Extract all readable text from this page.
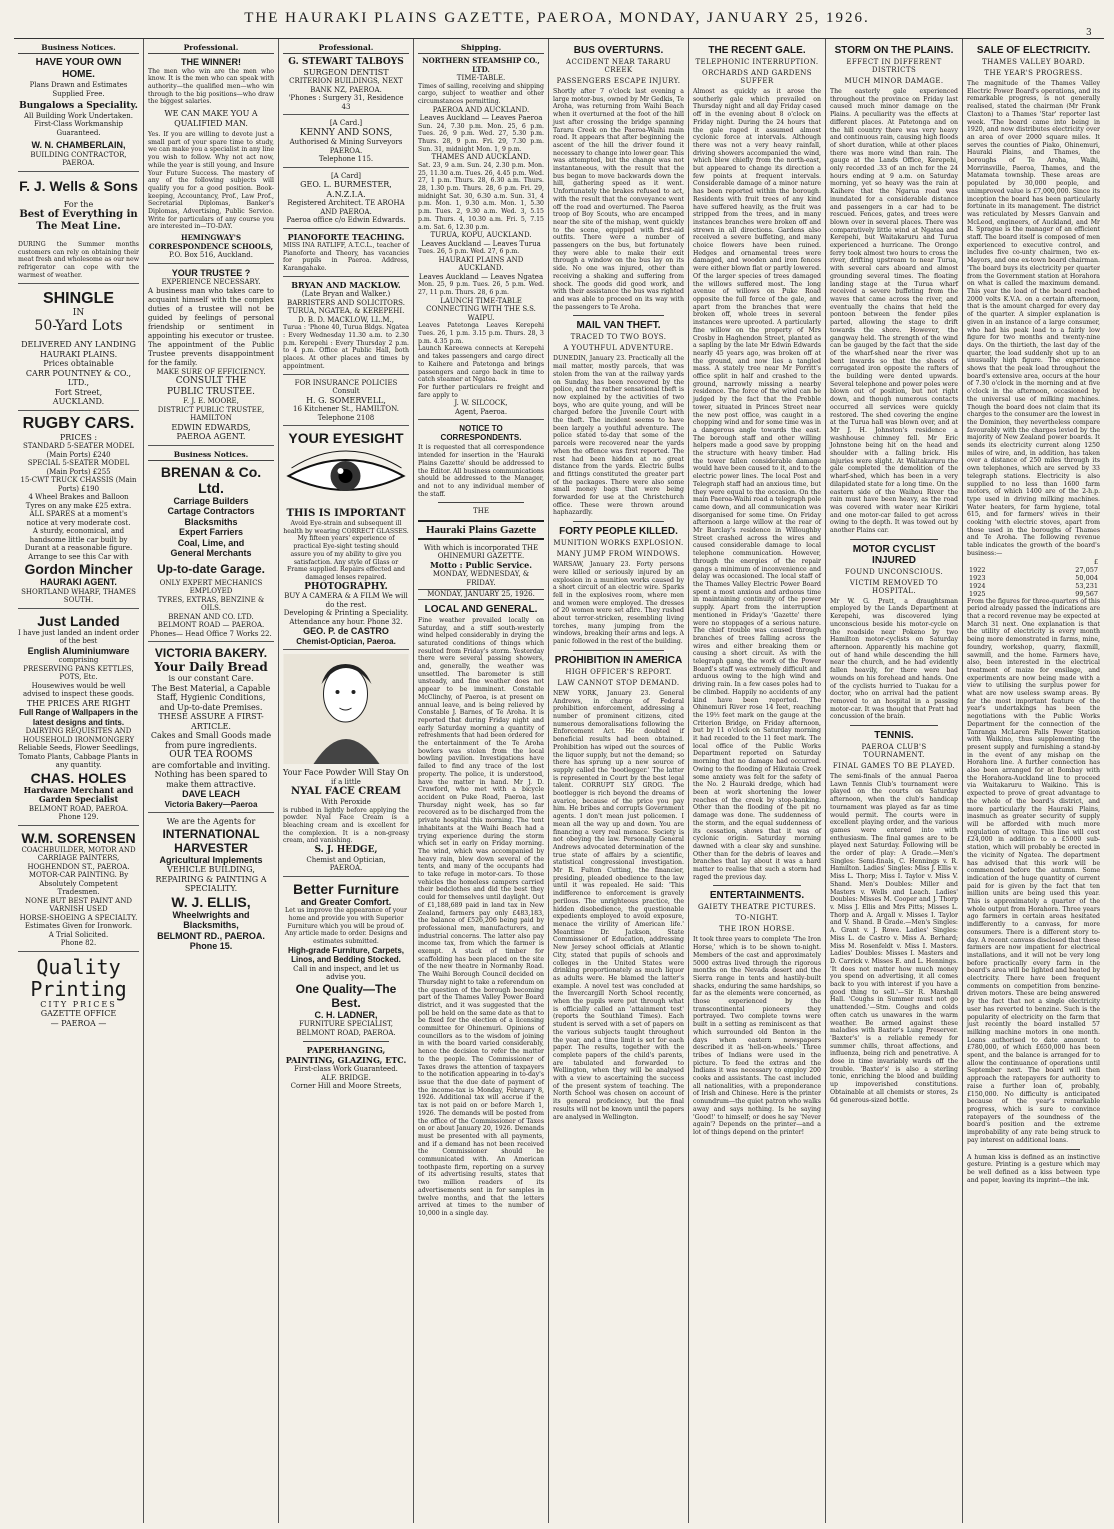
THE HAURAKI PLAINS GAZETTE, PAEROA, MONDAY, JANUARY 25, 1926.
3
Business Notices.
HAVE YOUR OWN HOME.
Plans Drawn and Estimates Supplied Free.
Bungalows a Speciality.
All Building Work Undertaken.
First-Class Workmanship Guaranteed.
W. N. CHAMBERLAIN,
BUILDING CONTRACTOR, PAEROA.
F. J. Wells & Sons
For the
Best of Everything in The Meat Line.
DURING the Summer months customers can rely on obtaining their meat fresh and wholesome as our new refrigerator can cope with the warmest of weather.
SHINGLE
IN
50-Yard Lots
DELIVERED ANY LANDING HAURAKI PLAINS.
Prices obtainable
CARR POUNTNEY & CO., LTD.,
Fort Street,
AUCKLAND.
RUGBY CARS.
PRICES :
STANDARD 5-SEATER MODEL (Main Ports) £240
SPECIAL 5-SEATER MODEL (Main Ports) £255
15-CWT TRUCK CHASSIS (Main Ports) £190
4 Wheel Brakes and Balloon Tyres on any make £25 extra.
ALL SPARES at a moment's notice at very moderate cost.
A sturdy, economical, and handsome little car built by Durant at a reasonable figure.
Arrange to see this Car with
Gordon Mincher
HAURAKI AGENT.
SHORTLAND WHARF, THAMES SOUTH.
Just Landed
I have just landed an indent order of the best
English Aluminiumware
comprising
PRESERVING PANS KETTLES, POTS, Etc.
Housewives would be well advised to inspect these goods.
THE PRICES ARE RIGHT
Full Range of Wallpapers in the latest designs and tints.
DAIRYING REQUISITES AND HOUSEHOLD IRONMONGERY
Reliable Seeds, Flower Seedlings, Tomato Plants, Cabbage Plants in any quantity.
CHAS. HOLES
Hardware Merchant and Garden Specialist
BELMONT ROAD, PAEROA. Phone 129.
W.M. SORENSEN
COACHBUILDER, MOTOR AND CARRIAGE PAINTERS, HOGHENDON ST., PAEROA.
MOTOR-CAR PAINTING. By Absolutely Competent Tradesmen.
NONE BUT BEST PAINT AND VARNISH USED
HORSE-SHOEING A SPECIALTY.
Estimates Given for Ironwork.
A Trial Solicited.
Phone 82.
Quality
Printing
CITY PRICES
GAZETTE OFFICE
— PAEROA —
Professional.
THE WINNER!
The men who win are the men who know. It is the men who can speak with authority—the qualified men—who win through to the big positions—who draw the biggest salaries.
WE CAN MAKE YOU A QUALIFIED MAN.
Yes. If you are willing to devote just a small part of your spare time to study, we can make you a specialist in any line you wish to follow. Why not act now, while the year is still young, and Insure Your Future Success. The mastery of any of the following subjects will qualify you for a good position. Book-keeping, Accountancy, Prof., Law Prof., Secretarial Diplomas, Banker's Diplomas, Advertising, Public Service. Write for particulars of any course you are interested in—TO-DAY.
HEMINGWAY'S CORRESPONDENCE SCHOOLS,
P.O. Box 516, Auckland.
YOUR TRUSTEE ?
EXPERIENCE NECESSARY.
A business man who takes care to acquaint himself with the complex duties of a trustee will not be guided by feelings of personal friendship or sentiment in appointing his executor or trustee. The appointment of the Public Trustee prevents disappointment for the family.
MAKE SURE OF EFFICIENCY.
CONSULT THE
PUBLIC TRUSTEE.
F. J. E. MOORE,
DISTRICT PUBLIC TRUSTEE, HAMILTON
EDWIN EDWARDS,
PAEROA AGENT.
Business Notices.
BRENAN & Co. Ltd.
Carriage Builders
Cartage Contractors
Blacksmiths
Expert Farriers
Coal, Lime, and
General Merchants
Up-to-date Garage.
ONLY EXPERT MECHANICS EMPLOYED
TYRES, EXTRAS, BENZINE & OILS.
BRENAN AND CO. LTD. BELMONT ROAD — PAEROA.
Phones— Head Office 7 Works 22.
VICTORIA BAKERY.
Your Daily Bread
is our constant Care.
The Best Material, a Capable Staff, Hygienic Conditions, and Up-to-date Premises.
THESE ASSURE A FIRST-ARTICLE.
Cakes and Small Goods made from pure ingredients.
OUR TEA ROOMS
are comfortable and inviting. Nothing has been spared to make them attractive.
DAVE LEACH
Victoria Bakery—Paeroa
We are the Agents for
INTERNATIONAL HARVESTER
Agricultural Implements
VEHICLE BUILDING, REPAIRING & PAINTING A SPECIALITY.
W. J. ELLIS,
Wheelwrights and Blacksmiths,
BELMONT RD., PAEROA.
Phone 15.
Professional.
G. STEWART TALBOYS
SURGEON DENTIST
CRITERION BUILDINGS, NEXT BANK NZ, PAEROA.
'Phones : Surgery 31, Residence 43
[A Card.]
KENNY AND SONS,
Authorised & Mining Surveyors PAEROA.
Telephone 115.
[A Card]
GEO. L. BURMESTER, A.N.Z.I.A.
Registered Architect. TE AROHA AND PAEROA.
Paeroa office c/o Edwin Edwards.
PIANOFORTE TEACHING.
MISS INA RATLIFF, A.T.C.L., teacher of Pianoforte and Theory, has vacancies for pupils in Paeroa. Address, Karangahake.
BRYAN AND MACKLOW.
(Late Bryan and Walker.)
BARRISTERS AND SOLICITORS.
TURUA, NGATEA, & KEREPEHI.
D. B. D. MACKLOW, LL.M.,
Turua : 'Phone 40, Turua Bldgs. Ngatea : Every Wednesday 11.30 a.m. to 2.30 p.m. Kerepehi : Every Thursday 2 p.m. to 4 p.m. Office at Public Hall, both places. At other places and times by appointment.
FOR INSURANCE POLICIES Consult
H. G. SOMERVELL,
16 Kitchener St., HAMILTON.
Telephone 2108
YOUR EYESIGHT
THIS IS IMPORTANT
Avoid Eye-strain and subsequent ill health by wearing CORRECT GLASSES. My fifteen years' experience of practical Eye-sight testing should assure you of my ability to give you satisfaction. Any style of Glass or Frame supplied. Repairs effected and damaged lenses repaired.
PHOTOGRAPHY.
BUY A CAMERA & A FILM We will do the rest.
Developing & Printing a Speciality.
Attendance any hour. Phone 32.
GEO. P. de CASTRO
Chemist-Optician, Paeroa.
Your Face Powder Will Stay On
if a little
NYAL FACE CREAM
With Peroxide
is rubbed in lightly before applying the powder. Nyal Face Cream is a bleaching cream and is excellent for the complexion. It is a non-greasy cream, and vanishing.
S. J. HEDGE,
Chemist and Optician,
PAEROA.
Better Furniture
and Greater Comfort.
Let us improve the appearance of your home and provide you with Superior Furniture which you will be proud of. Any article made to order. Designs and estimates submitted.
High-grade Furniture, Carpets, Linos, and Bedding Stocked.
Call in and inspect, and let us advise you.
One Quality—The Best.
C. H. LADNER,
FURNITURE SPECIALIST, BELMONT ROAD, PAEROA.
PAPERHANGING, PAINTING, GLAZING, ETC.
First-class Work Guaranteed.
ALF. BRIDGE.
Corner Hill and Moore Streets,
Shipping.
NORTHERN STEAMSHIP CO., LTD.
TIME-TABLE.
Times of sailing, receiving and shipping cargo, subject to weather and other circumstances permitting.
PAEROA AND AUCKLAND.
Leaves Auckland — Leaves Paeroa
Sun. 24, 7.30 p.m. Mon. 25, 6 p.m. Tues. 26, 9 p.m. Wed. 27, 5.30 p.m. Thurs. 28, 9 p.m. Fri. 29, 7.30 p.m. Sun. 31, midnight Mon. 1, 9 p.m.
THAMES AND AUCKLAND.
Sat. 23, 9 a.m. Sun. 24, 2.30 p.m. Mon. 25, 11.30 a.m. Tues. 26, 4.45 p.m. Wed. 27, 1 p.m. Thurs. 28, 6.30 a.m. Thurs. 28, 1.30 p.m. Thurs. 28, 6 p.m. Fri. 29, midnight Sat. 30, 6.30 a.m. Sun. 31, 4 p.m. Mon. 1, 9.30 a.m. Mon. 1, 5.30 p.m. Tues. 2, 9.30 a.m. Wed. 3, 5.15 p.m. Thurs. 4, 10.30 a.m. Fri. 5, 7.15 a.m. Sat. 6, 12.30 p.m.
TURUA, KOPU, AUCKLAND.
Leaves Auckland — Leaves Turua
Tues. 26, 5 p.m. Wed. 27, 6 p.m.
HAURAKI PLAINS AND AUCKLAND.
Leaves Auckland — Leaves Ngatea
Mon. 25, 9 p.m. Tues. 26, 5 p.m. Wed. 27, 11 p.m. Thurs. 28, 6 p.m.
LAUNCH TIME-TABLE CONNECTING WITH THE S.S. WAIPU.
Leaves Patetonga Leaves Kerepehi Tues. 26, 1 p.m. 3.15 p.m. Thurs. 28, 3 p.m. 4.35 p.m.
Launch Kareewa connects at Kerepehi and takes passengers and cargo direct to Kaihere and Patetonga and brings passengers and cargo back in time to catch steamer at Ngatea.
For further particulars re freight and fare apply to
J. W. SILCOCK,
Agent, Paeroa.
NOTICE TO CORRESPONDENTS.
It is requested that all correspondence intended for insertion in the 'Hauraki Plains Gazette' should be addressed to the Editor. All business communications should be addressed to the Manager, and not to any individual member of the staff.
THE
Hauraki Plains Gazette
With which is incorporated THE OHINEMURI GAZETTE.
Motto : Public Service.
MONDAY, WEDNESDAY, & FRIDAY.
MONDAY, JANUARY 25, 1926.
LOCAL AND GENERAL.
Fine weather prevailed locally on Saturday, and a stiff south-westerly wind helped considerably in drying the saturated conditions of things which resulted from Friday's storm. Yesterday there were several passing showers, and, generally, the weather was unsettled. The barometer is still unsteady, and fine weather does not appear to be imminent. Constable McClinchy, of Paeroa, is at present on annual leave, and is being relieved by Constable J. Barnes, of Te Aroha. It is reported that during Friday night and early Saturday morning a quantity of refreshments that had been ordered for the entertainment of the Te Aroha bowlers was stolen from the local bowling pavilion. Investigations have failed to find any trace of the lost property. The police, it is understood, have the matter in hand. Mr J. D. Crawford, who met with a bicycle accident on Puke Road, Paeroa, last Thursday night week, has so far recovered as to be discharged from the private hospital this morning. The tent inhabitants at the Waihi Beach had a trying experience during the storm which set in early on Friday morning. The wind, which was accompanied by heavy rain, blew down several of the tents, and many of the occupants had to take refuge in motor-cars. To those vehicles the homeless campers carried their bedclothes and did the best they could for themselves until daylight. Out of £1,188,689 paid in land tax in New Zealand, farmers pay only £483,183, the balance of £526,206 being paid by professional men, manufacturers, and industrial concerns. The latter also pay income tax, from which the farmer is exempt. A stack of timber for scaffolding has been placed on the site of the new theatre in Normanby Road. The Waihi Borough Council decided on Thursday night to take a referendum on the question of the borough becoming part of the Thames Valley Power Board district, and it was suggested that the poll be held on the same date as that to be fixed for the election of a licensing committee for Ohinemuri. Opinions of councillors as to the wisdom of joining in with the board varied considerably, hence the decision to refer the matter to the people. The Commissioner of Taxes draws the attention of taxpayers to the notification appearing in to-day's issue that the due date of payment of the income-tax is Monday, February 8, 1926. Additional tax will accrue if the tax is not paid on or before March 1, 1926. The demands will be posted from the office of the Commissioner of Taxes on or about January 20, 1926. Demands must be presented with all payments, and if a demand has not been received the Commissioner should be communicated with. An American toothpaste firm, reporting on a survey of its advertising results, states that two million readers of its advertisements sent in for samples in twelve months, and that the letters arrived at times to the number of 10,000 in a single day.
BUS OVERTURNS.
ACCIDENT NEAR TARARU CREEK
PASSENGERS ESCAPE INJURY.
Shortly after 7 o'clock last evening a large motor-bus, owned by Mr Gedkis, Te Aroha, was returning from Waihi Beach when it overturned at the foot of the hill just after crossing the bridge spanning Tararu Creek on the Paeroa-Waihi main road. It appears that after beginning the ascent of the hill the driver found it necessary to change into lower gear. This was attempted, but the change was not instantaneous, with the result that the bus began to move backwards down the hill, gathering speed as it went. Unfortunately the brakes refused to act, with the result that the conveyance went off the road and overturned. The Paeroa troop of Boy Scouts, who are encamped near the site of the mishap, went quickly to the scene, equipped with first-aid outfits. There were a number of passengers on the bus, but fortunately they were able to make their exit through a window on the bus lay on its side. No one was injured, other than receiving a shaking and suffering from shock. The goods did good work, and with their assistance the bus was righted and was able to proceed on its way with the passengers to Te Aroha.
MAIL VAN THEFT.
TRACED TO TWO BOYS.
A YOUTHFUL ADVENTURE.
DUNEDIN, January 23. Practically all the mail matter, mostly parcels, that was stolen from the van at the railway yards on Sunday, has been recovered by the police, and the rather sensational theft is now explained by the activities of two boys, who are quite young, and will be charged before the Juvenile Court with the theft. The incident seems to have been largely a youthful adventure. The police stated to-day that some of the parcels were recovered near the yards when the offence was first reported. The rest had been hidden at no great distance from the yards. Electric bulbs and fittings constituted the greater part of the packages. There were also some small money bags that were being forwarded for use at the Christchurch office. These were thrown around haphazardly.
FORTY PEOPLE KILLED.
MUNITION WORKS EXPLOSION.
MANY JUMP FROM WINDOWS.
WARSAW, January 23. Forty persons were killed or seriously injured by an explosion in a munition works caused by a short circuit of an electric wire. Sparks fell in the explosives room, where men and women were employed. The dresses of 20 women were set afire. They rushed about terror-stricken, resembling living torches, many jumping from the windows, breaking their arms and legs. A panic followed in the rest of the building.
PROHIBITION IN AMERICA
HIGH OFFICER'S REPORT.
LAW CANNOT STOP DEMAND.
NEW YORK, January 23. General Andrews, in charge of Federal prohibition enforcement, addressing a number of prominent citizens, cited numerous demoralisations following the Enforcement Act. He doubted if beneficial results had been obtained. Prohibition has wiped out the sources of the liquor supply, but not the demand; so there has sprung up a new source of supply called the 'bootlegger.' The latter is represented in Court by the best legal talent. CORRUPT SLY GROG. The bootlegger is rich beyond the dreams of avarice, because of the price you pay him. He bribes and corrupts Government agents. I don't mean just policemen. I mean all the way up and down. You are financing a very real menace. Society is not obeying the law. Personally General Andrews advocated determination of the true state of affairs by a scientific, statistical congressional investigation. Mr R. Fulton Cutting, the financier, presiding, pleaded obedience to the law until it was repealed. He said: 'This indifference to enforcement is gravely perilous. The unrighteous practice, the hidden disobedience, the questionable expedients employed to avoid exposure, menace the virility of American life.' Meantime Dr. Jackson, State Commissioner of Education, addressing New Jersey school officials at Atlantic City, stated that pupils of schools and colleges in the United States were drinking proportionately as much liquor as adults were. He blamed the latter's example. A novel test was concluded at the Invercargill North School recently, when the pupils were put through what is officially called an 'attainment test' (reports the Southland Times). Each student is served with a set of papers on the various subjects taught throughout the year, and a time limit is set for each paper. The results, together with the complete papers of the child's parents, are tabulated and forwarded to Wellington, when they will be analysed with a view to ascertaining the success of the present system of teaching. The North School was chosen on account of its general proficiency, but the final results will not be known until the papers are analysed in Wellington.
THE RECENT GALE.
TELEPHONIC INTERRUPTION.
ORCHARDS AND GARDENS SUFFER
Almost as quickly as it arose the southerly gale which prevailed on Thursday night and all day Friday cased off in the evening about 8 o'clock on Friday night. During the 24 hours that the gale raged it assumed almost cyclonic force at intervals. Although there was not a very heavy rainfall, driving showers accompanied the wind, which blew chiefly from the north-east, but appeared to change its direction a few points at frequent intervals. Considerable damage of a minor nature has been reported within the borough. Residents with fruit trees of any kind have suffered heavily, as the fruit was stripped from the trees, and in many instances branches were broken off and strewn in all directions. Gardens also received a severe buffeting, and many choice flowers have been ruined. Hedges and ornamental trees were damaged, and wooden and iron fences were either blown flat or partly lowered. Of the larger species of trees damaged the willows suffered most. The long avenue of willows on Puke Road opposite the full force of the gale, and apart from the branches that were broken off, whole trees in several instances were uprooted. A particularly fine willow on the property of Mrs Crosby in Haghendon Street, planted as a sapling by the late Mr Edwin Edwards nearly 45 years ago, was broken off at the ground, and now lies a tangled mass. A stately tree near Mr Porritt's office split in half and crashed to the ground, narrowly missing a nearby residence. The force of the wind can be judged by the fact that the Prebble tower, situated in Princes Street near the new post office, was caught in a chopping wind and for some time was in a dangerous angle towards the east. The borough staff and other willing helpers made a good save by propping the structure with heavy timber. Had the tower fallen considerable damage would have been caused to it, and to the electric power lines. The local Post and Telegraph staff had an anxious time, but they were equal to the occasion. On the main Paeroa-Waihi road a telegraph pole came down, and all communication was disorganised for some time. On Friday afternoon a large willow at the rear of Mr Barclay's residence in Willoughby Street crashed across the wires and caused considerable damage to local telephone communication. However, through the energies of the repair gangs a minimum of inconvenience and delay was occasioned. The local staff of the Thames Valley Electric Power Board spent a most anxious and arduous time in maintaining continuity of the power supply. Apart from the interruption mentioned in Friday's 'Gazette' there were no stoppages of a serious nature. The chief trouble was caused through branches of trees falling across the wires and either breaking them or causing a short circuit. As with the telegraph gang, the work of the Power Board's staff was extremely difficult and arduous owing to the high wind and driving rain. In a few cases poles had to be climbed. Happily no accidents of any kind have been reported. The Ohinemuri River rose 14 feet, reaching the 19½ feet mark on the gauge at the Criterion Bridge, on Friday afternoon, but by 11 o'clock on Saturday morning it had receded to the 11 feet mark. The local office of the Public Works Department reported on Saturday morning that no damage had occurred. Owing to the flooding of Hikutaia Creek some anxiety was felt for the safety of the No. 2 Hauraki dredge, which had been at work shortening the lower reaches of the creek by stop-banking. Other than the flooding of the pit no damage was done. The suddenness of the storm, and the equal suddenness of its cessation, shows that it was of cyclonic origin. Saturday morning dawned with a clear sky and sunshine. Other than for the debris of leaves and branches that lay about it was a hard matter to realise that such a storm had raged the previous day.
ENTERTAINMENTS.
GAIETY THEATRE PICTURES.
TO-NIGHT.
THE IRON HORSE.
It took three years to complete 'The Iron Horse,' which is to be shown to-night. Members of the cast and approximately 5000 extras lived through the rigorous months on the Nevada desert and the Sierra range in tents and hastily-built shacks, enduring the same hardships, so far as the elements were concerned, as those experienced by the transcontinental pioneers they portrayed. Two complete towns were built in a setting as reminiscent as that which surrounded old Benton in the days when eastern newspapers described it as 'hell-on-wheels.' Three tribes of Indians were used in the picture. To feed the extras and the Indians it was necessary to employ 200 cooks and assistants. The cast included all nationalities, with a preponderance of Irish and Chinese. Here is the printer conundrum—the quiet patron who walks away and says nothing. Is he saying 'Good!' to himself; or does he say 'Never again'? Depends on the printer—and a lot of things depend on the printer!
STORM ON THE PLAINS.
EFFECT IN DIFFERENT DISTRICTS
MUCH MINOR DAMAGE.
The easterly gale experienced throughout the province on Friday last caused much minor damage on the Plains. A peculiarity was the effects at different places. At Patetonga and on the hill country there was very heavy and continuous rain, causing high floods of short duration, while at other places there was more wind than rain. The gauge at the Lands Office, Kerepehi, only recorded .33 of an inch for the 24 hours ending at 9 a.m. on Saturday morning, yet so heavy was the rain at Kaihere that the Ngarua road was inundated for a considerable distance and passengers in a car had to be rescued. Fences, gates, and trees were blown over in several places. There was comparatively little wind at Ngatea and Kerepehi, but Waitakaruru and Turua experienced a hurricane. The Orongo ferry took almost two hours to cross the river, drifting upstream to near Turua, with several cars aboard and almost grounding several times. The floating landing stage at the Turua wharf received a severe buffeting from the waves that came across the river, and eventually the chains that held the pontoon between the fender piles parted, allowing the stage to drift towards the shore. However, the gangway held. The strength of the wind can be gauged by the fact that the side of the wharf-shed near the river was bent inwards so that the sheets of corrugated iron opposite the rafters of the building were dented upwards. Several telephone and power poles were blown out of position, but not right down, and though numerous contacts occurred all services were quickly restored. The shed covering the engine at the Turua hall was blown over, and at Mr J. H. Johnston's residence a washhouse chimney fell. Mr Eric Johnstone being hit on the head and shoulder with a falling brick. His injuries were slight. At Waitakaruru the gale completed the demolition of the wharf-shed, which has been in a very dilapidated state for a long time. On the eastern side of the Waihou River the rain must have been heavy, as the road was covered with water near Kirikiri and one motor-car failed to get across owing to the depth. It was towed out by another Plains car.
MOTOR CYCLIST INJURED
FOUND UNCONSCIOUS.
VICTIM REMOVED TO HOSPITAL.
Mr W. G. Pratt, a draughtsman employed by the Lands Department at Kerepehi, was discovered lying unconscious beside his motor-cycle on the roadside near Pokeno by two Hamilton motor-cyclists on Saturday afternoon. Apparently his machine got out of hand while descending the hill near the church, and he had evidently fallen heavily, for there were bad wounds on his forehead and hands. One of the cyclists hurried to Tuakau for a doctor, who on arrival had the patient removed to an hospital in a passing motor-car. It was thought that Pratt had concussion of the brain.
TENNIS.
PAEROA CLUB'S TOURNAMENT.
FINAL GAMES TO BE PLAYED.
The semi-finals of the annual Paeroa Lawn Tennis Club's tournament were played on the courts on Saturday afternoon, when the club's handicap tournament was played as far as time would permit. The courts were in excellent playing order, and the various games were entered into with enthusiasm. The final games are to be played next Saturday. Following will be the order of play: A Grade.—Men's Singles: Semi-finals, C. Hennings v. R. Hamilton. Ladies' Singles: Miss J. Ellis v. Miss L. Thorp; Miss I. Taylor v. Miss V. Shand. Men's Doubles: Miller and Masters v. Wells and Leach. Ladies' Doubles: Misses M. Cooper and J. Thorp v. Miss J. Ellis and Mrs Pitts; Misses L. Thorp and A. Argall v. Misses I. Taylor and V. Shand. B Grade.—Men's Singles: A. Grant v. J. Rowe. Ladies' Singles: Miss L. de Castro v. Miss A. Berhard; Miss M. Rosenfeldt v. Miss I. Masters. Ladies' Doubles: Misses I. Masters and D. Carrick v. Misses E. and L. Hennings. 'It does not matter how much money you spend on advertising, it all comes back to you with interest if you have a good thing to sell.'—Sir R. Marshall Hall. 'Coughs in Summer must not go unattended.'—Stm. Coughs and colds often catch us unawares in the warm weather. Be armed against these maladies with Baxter's Lung Preserver. 'Baxter's' is a reliable remedy for summer chills, throat affections, and influenza, being rich and penetrative. A dose in time invariably wards off the trouble. 'Baxter's' is also a sterling tonic, enriching the blood and building up impoverished constitutions. Obtainable at all chemists or stores, 2s 6d generous-sized bottle.
SALE OF ELECTRICITY.
THAMES VALLEY BOARD.
THE YEAR'S PROGRESS.
The magnitude of the Thames Valley Electric Power Board's operations, and its remarkable progress, is not generally realised, stated the chairman (Mr Frank Claxton) to a Thames 'Star' reporter last week. 'The board came into being in 1920, and now distributes electricity over an area of over 2000 square miles. It serves the counties of Piako, Ohinemuri, Hauraki Plains, and Thames, the boroughs of Te Aroha, Waihi, Morrinsville, Paeroa, Thames, and the Matamata township. These areas are populated by 30,000 people, and unimproved value is £7,000,000. Since its inception the board has been particularly fortunate in its management. The district was reticulated by Messrs Ganvain and McLeod, engineers, of Auckland, and Mr R. Sprague is the manager of an efficient staff. The board itself is composed of men experienced to executive control, and includes five co-unty chairmen, two ex-Mayors, and one ex-town board chairman. 'The board buys its electricity per quarter from the Government station at Horahora on what is called the maximum demand. This year the load of the board reached 2000 volts K.V.A. on a certain afternoon, that is the amount charged for every day of the quarter. A simpler explanation is given in an instance of a large consumer, who had his peak load to a fairly low figure for two months and twenty-nine days. On the thirtieth, the last day of the quarter, the load suddenly shot up to an unusually high figure. The experience shows that the peak load throughout the board's extensive area, occurs at the hour of 7.30 o'clock in the morning and at five o'clock in the afternoon, occasioned by the universal use of milking machines. Though the board does not claim that its charges to the consumer are the lowest in the Dominion, they nevertheless compare favourably with the charges levied by the majority of New Zealand power boards. It sends its electricity current along 1250 miles of wire, and, in addition, has taken over a distance of 250 miles through its own telephones, which are served by 33 telegraph stations. Electricity is also supplied to no less than 1600 farm motors, of which 1400 are of the 2-h.p. type used in driving milking machines. Water heaters, for farm hygiene, total 615, and for farmers' wives in their cooking 'with electric stoves, apart from those used in the boroughs of Thames and Te Aroha. The following revenue table indicates the growth of the board's business:—
	£
1922	27,057
1923	50,004
1924	53,231
1925	99,567
From the figures for three-quarters of this period already passed the indications are that a record revenue may be expected at March 31 next. One explanation is that the utility of electricity is every month being more demonstrated in farms, mine, foundry, workshop, quarry, flaxmill, sawmill, and the home. Farmers have, also, been interested in the electrical treatment of maize for ensilage, and experiments are now being made with a view to utilising the surplus power for what are now useless swamp areas. By far the most important feature of the year's undertakings has been the negotiations with the Public Works Department for the connection of the Tanranga McLaren Falls Power Station with Waikino, thus supplementing the present supply and furnishing a stand-by in the event of any mishap on the Horahora line. A further connection has also been arranged for at Bombay with the Horahora-Auckland line to proceed via Waitakaruru to Waikino. This is expected to prove of great advantage to the whole of the board's district, and more particularly the Hauraki Plains, inasmuch as greater security of supply will be afforded with much more regulation of voltage. This line will cost £24,000 in addition to a £5000 sub-station, which will probably be erected in the vicinity of Ngatea. The department has advised that this work will be commenced before the autumn. Some indication of the huge quantity of current paid for is given by the fact that ten million units are being used this year. This is approximately a quarter of the whole output from Horahora. Three years ago farmers in certain areas hesitated indifferently to a canvass, for more consumers. There is a different story to-day. A recent canvass disclosed that these farmers are now impatient for electrical installations, and it will not be very long before practically every farm in the board's area will be lighted and heated by electricity. There have been frequent comments on competition from benzine-driven motors. These are being answered by the fact that not a single electricity user has reverted to benzine. Such is the popularity of electricity on the farm that just recently the board installed 57 milking machine motors in one month. Loans authorised to date amount to £780,000, of which £650,000 has been spent, and the balance is arranged for to allow the continuance of operations until September next. The board will then approach the ratepayers for authority to raise a further loan of, probably, £150,000. No difficulty is anticipated because of the year's remarkable progress, which is sure to convince ratepayers of the soundness of the board's position and the extreme improbability of any rate being struck to pay interest on additional loans.
A human kiss is defined as an instinctive gesture. Printing is a gesture which may be well defined as a kiss between type and paper, leaving its imprint—the ink.
